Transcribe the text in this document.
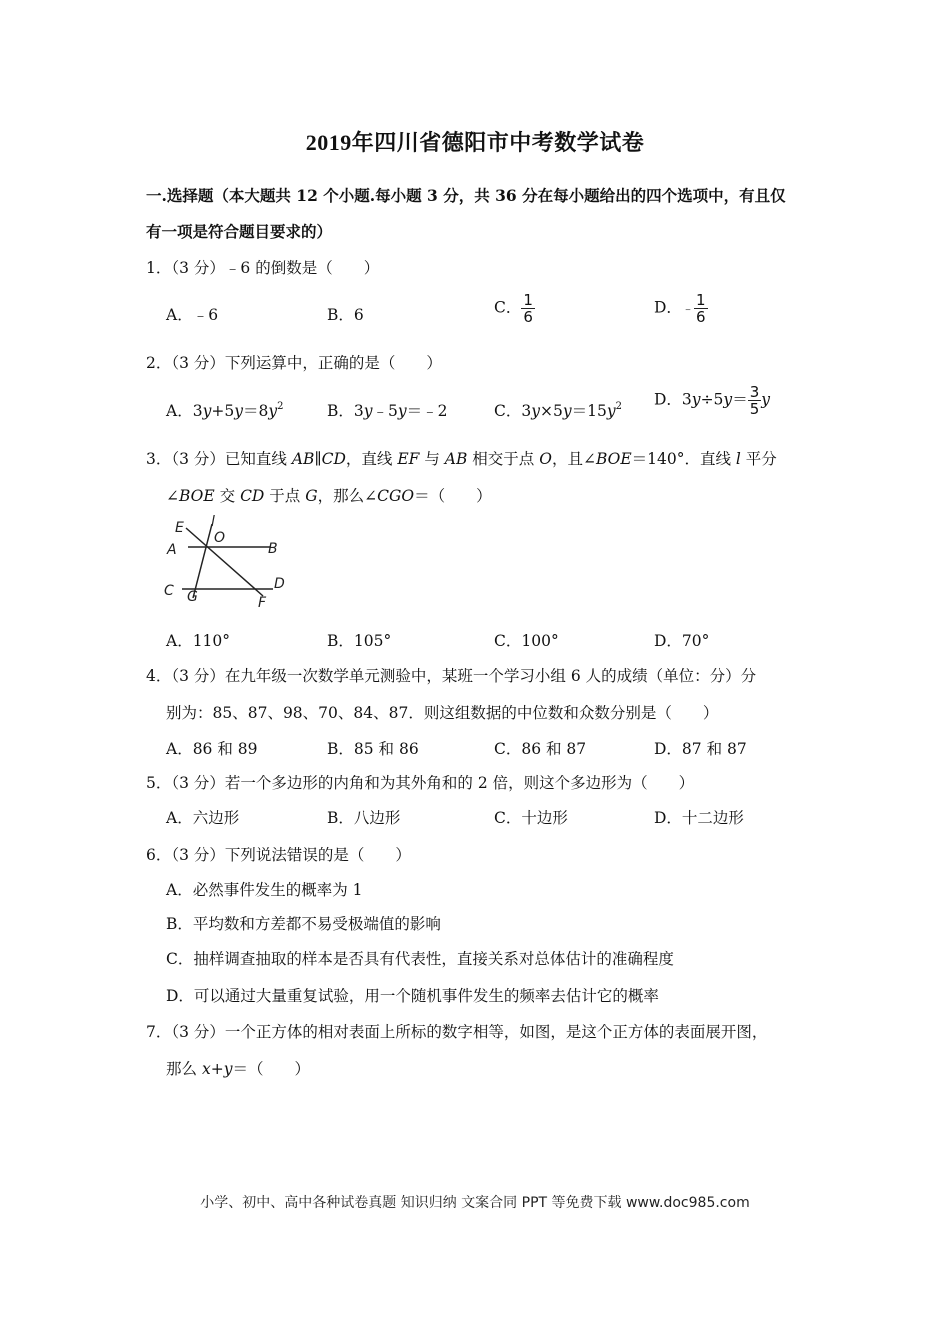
2019年四川省德阳市中考数学试卷
一.选择题（本大题共 12 个小题.每小题 3 分，共 36 分在每小题给出的四个选项中，有且仅
有一项是符合题目要求的）
1．（3 分）﹣6 的倒数是（　　）
A．﹣6	B．6	C． $\frac{1}{6}$	D．﹣ $\frac{1}{6}$
2．（3 分）下列运算中，正确的是（　　）
A．$3y+5y=8y^2$	B．3y﹣5y＝﹣2	C．$3y\times 5y=15y^2$ D．$3y\div 5y= \frac{3}{5}$ y
3．（3 分）已知直线 AB∥CD，直线 EF 与 AB 相交于点 O，且∠BOE＝140°．直线 l 平分
∠BOE 交 CD 于点 G，那么∠CGO＝（　　）
E l
O
A	B
C	D
G	F
A．110°	B．105°	C．100°	D．70°
4．（3 分）在九年级一次数学单元测验中，某班一个学习小组 6 人的成绩（单位：分）分
别为：85、87、98、70、84、87．则这组数据的中位数和众数分别是（　　）
A．86 和 89	B．85 和 86	C．86 和 87	D．87 和 87
5．（3 分）若一个多边形的内角和为其外角和的 2 倍，则这个多边形为（　　）
A．六边形	B．八边形	C．十边形	D．十二边形
6．（3 分）下列说法错误的是（　　）
A．必然事件发生的概率为 1
B．平均数和方差都不易受极端值的影响
C．抽样调查抽取的样本是否具有代表性，直接关系对总体估计的准确程度
D．可以通过大量重复试验，用一个随机事件发生的频率去估计它的概率
7．（3 分）一个正方体的相对表面上所标的数字相等，如图，是这个正方体的表面展开图，
那么 x+y＝（　　）
小学、初中、高中各种试卷真题 知识归纳 文案合同 PPT 等免费下载 www.doc985.com
